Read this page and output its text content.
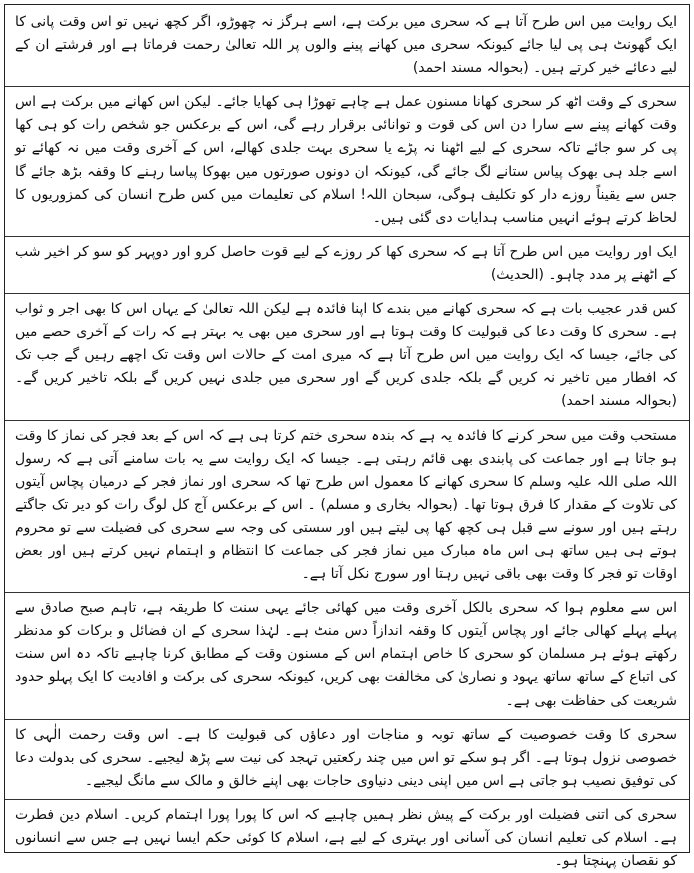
ایک روایت میں اس طرح آتا ہے کہ سحری میں برکت ہے، اسے ہرگز نہ چھوڑو، اگر کچھ نہیں تو اس وقت پانی کا ایک گھونٹ ہی پی لیا جائے کیونکہ سحری میں کھانے پینے والوں پر اللہ تعالیٰ رحمت فرماتا ہے اور فرشتے ان کے لیے دعائے خیر کرتے ہیں۔ (بحوالہ مسند احمد)

سحری کے وقت اٹھ کر سحری کھانا مسنون عمل ہے چاہے تھوڑا ہی کھایا جائے۔ لیکن اس کھانے میں برکت ہے اس وقت کھانے پینے سے سارا دن اس کی قوت و توانائی برقرار رہے گی، اس کے برعکس جو شخص رات کو ہی کھا پی کر سو جائے تاکہ سحری کے لیے اٹھنا نہ پڑے یا سحری بہت جلدی کھالے، اس کے آخری وقت میں نہ کھائے تو اسے جلد ہی بھوک پیاس ستانے لگ جائے گی، کیونکہ ان دونوں صورتوں میں بھوکا پیاسا رہنے کا وقفہ بڑھ جائے گا جس سے یقیناً روزے دار کو تکلیف ہوگی، سبحان اللہ! اسلام کی تعلیمات میں کس طرح انسان کی کمزوریوں کا لحاظ کرتے ہوئے انہیں مناسب ہدایات دی گئی ہیں۔

ایک اور روایت میں اس طرح آتا ہے کہ سحری کھا کر روزے کے لیے قوت حاصل کرو اور دوپہر کو سو کر اخیر شب کے اٹھنے پر مدد چاہو۔ (الحدیث)

کس قدر عجیب بات ہے کہ سحری کھانے میں بندے کا اپنا فائدہ ہے لیکن اللہ تعالیٰ کے یہاں اس کا بھی اجر و ثواب ہے۔ سحری کا وقت دعا کی قبولیت کا وقت ہوتا ہے اور سحری میں بھی یہ بہتر ہے کہ رات کے آخری حصے میں کی جائے، جیسا کہ ایک روایت میں اس طرح آتا ہے کہ میری امت کے حالات اس وقت تک اچھے رہیں گے جب تک کہ افطار میں تاخیر نہ کریں گے بلکہ جلدی کریں گے اور سحری میں جلدی نہیں کریں گے بلکہ تاخیر کریں گے۔ (بحوالہ مسند احمد)

مستحب وقت میں سحر کرنے کا فائدہ یہ ہے کہ بندہ سحری ختم کرتا ہی ہے کہ اس کے بعد فجر کی نماز کا وقت ہو جاتا ہے اور جماعت کی پابندی بھی قائم رہتی ہے۔ جیسا کہ ایک روایت سے یہ بات سامنے آتی ہے کہ رسول اللہ صلی اللہ علیہ وسلم کا سحری کھانے کا معمول اس طرح تھا کہ سحری اور نماز فجر کے درمیان پچاس آیتوں کی تلاوت کے مقدار کا فرق ہوتا تھا۔ (بحوالہ بخاری و مسلم) ۔ اس کے برعکس آج کل لوگ رات کو دیر تک جاگتے رہتے ہیں اور سونے سے قبل ہی کچھ کھا پی لیتے ہیں اور سستی کی وجہ سے سحری کی فضیلت سے تو محروم ہوتے ہی ہیں ساتھ ہی اس ماہ مبارک میں نماز فجر کی جماعت کا انتظام و اہتمام نہیں کرتے ہیں اور بعض اوقات تو فجر کا وقت بھی باقی نہیں رہتا اور سورج نکل آتا ہے۔

اس سے معلوم ہوا کہ سحری بالکل آخری وقت میں کھائی جائے یہی سنت کا طریقہ ہے، تاہم صبح صادق سے پہلے پہلے کھالی جائے اور پچاس آیتوں کا وقفہ اندازاً دس منٹ ہے۔ لہٰذا سحری کے ان فضائل و برکات کو مدنظر رکھتے ہوئے ہر مسلمان کو سحری کا خاص اہتمام اس کے مسنون وقت کے مطابق کرنا چاہیے تاکہ دہ اس سنت کی اتباع کے ساتھ ساتھ یہود و نصاریٰ کی مخالفت بھی کریں، کیونکہ سحری کی برکت و افادیت کا ایک پہلو حدود شریعت کی حفاظت بھی ہے۔

سحری کا وقت خصوصیت کے ساتھ توبہ و مناجات اور دعاؤں کی قبولیت کا ہے۔ اس وقت رحمت الٰہی کا خصوصی نزول ہوتا ہے۔ اگر ہو سکے تو اس میں چند رکعتیں تہجد کی نیت سے پڑھ لیجیے۔ سحری کی بدولت دعا کی توفیق نصیب ہو جاتی ہے اس میں اپنی دینی دنیاوی حاجات بھی اپنے خالق و مالک سے مانگ لیجیے۔

سحری کی اتنی فضیلت اور برکت کے پیش نظر ہمیں چاہیے کہ اس کا پورا پورا اہتمام کریں۔ اسلام دین فطرت ہے۔ اسلام کی تعلیم انسان کی آسانی اور بہتری کے لیے ہے، اسلام کا کوئی حکم ایسا نہیں ہے جس سے انسانوں کو نقصان پہنچتا ہو۔
